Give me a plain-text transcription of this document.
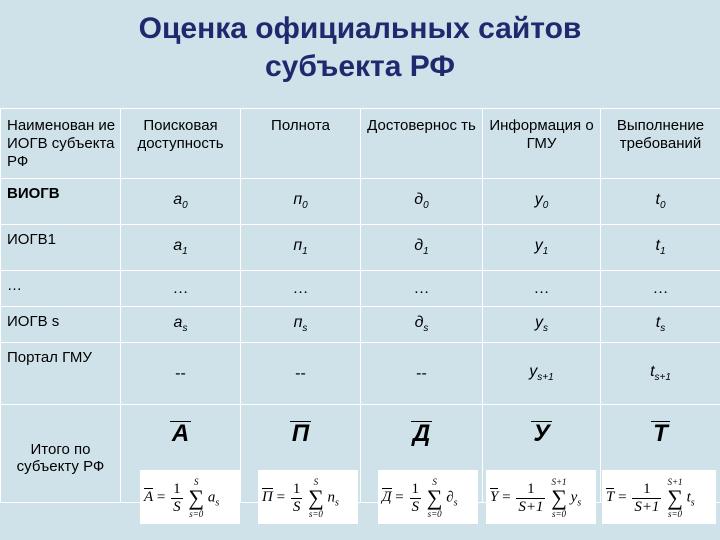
Оценка официальных сайтов
субъекта РФ
Наименован ие ИОГВ субъекта РФ	Поисковая доступность	Полнота	Достовернос ть	Информация о ГМУ	Выполнение требований
ВИОГВ	$а_0$	$п_0$	$д_0$	$у_0$	$t_0$
ИОГВ1	$а_1$	$п_1$	$д_1$	$у_1$	$t_1$
…	…	…	…	…	…
ИОГВ s	$а_s$	$п_s$	$д_s$	$у_s$	$t_s$
Портал ГМУ	--	--	--	$у_{s+1}$	$t_{s+1}$
Итого по субъекту РФ	А	П	Д	У	Т
$A = \frac{1}{S}$
	S
∑
s=0
$a_s$	$П = \frac{1}{S}$
	S
∑
s=0
$n_s$	$Д = \frac{1}{S}$
	S
∑
s=0
$\partial_s$ $Y = \frac{1}{S+1}$
S+1
∑
s=0
$y_s$ $T = \frac{1}{S+1}$
S+1
∑
s=0
$t_s$
